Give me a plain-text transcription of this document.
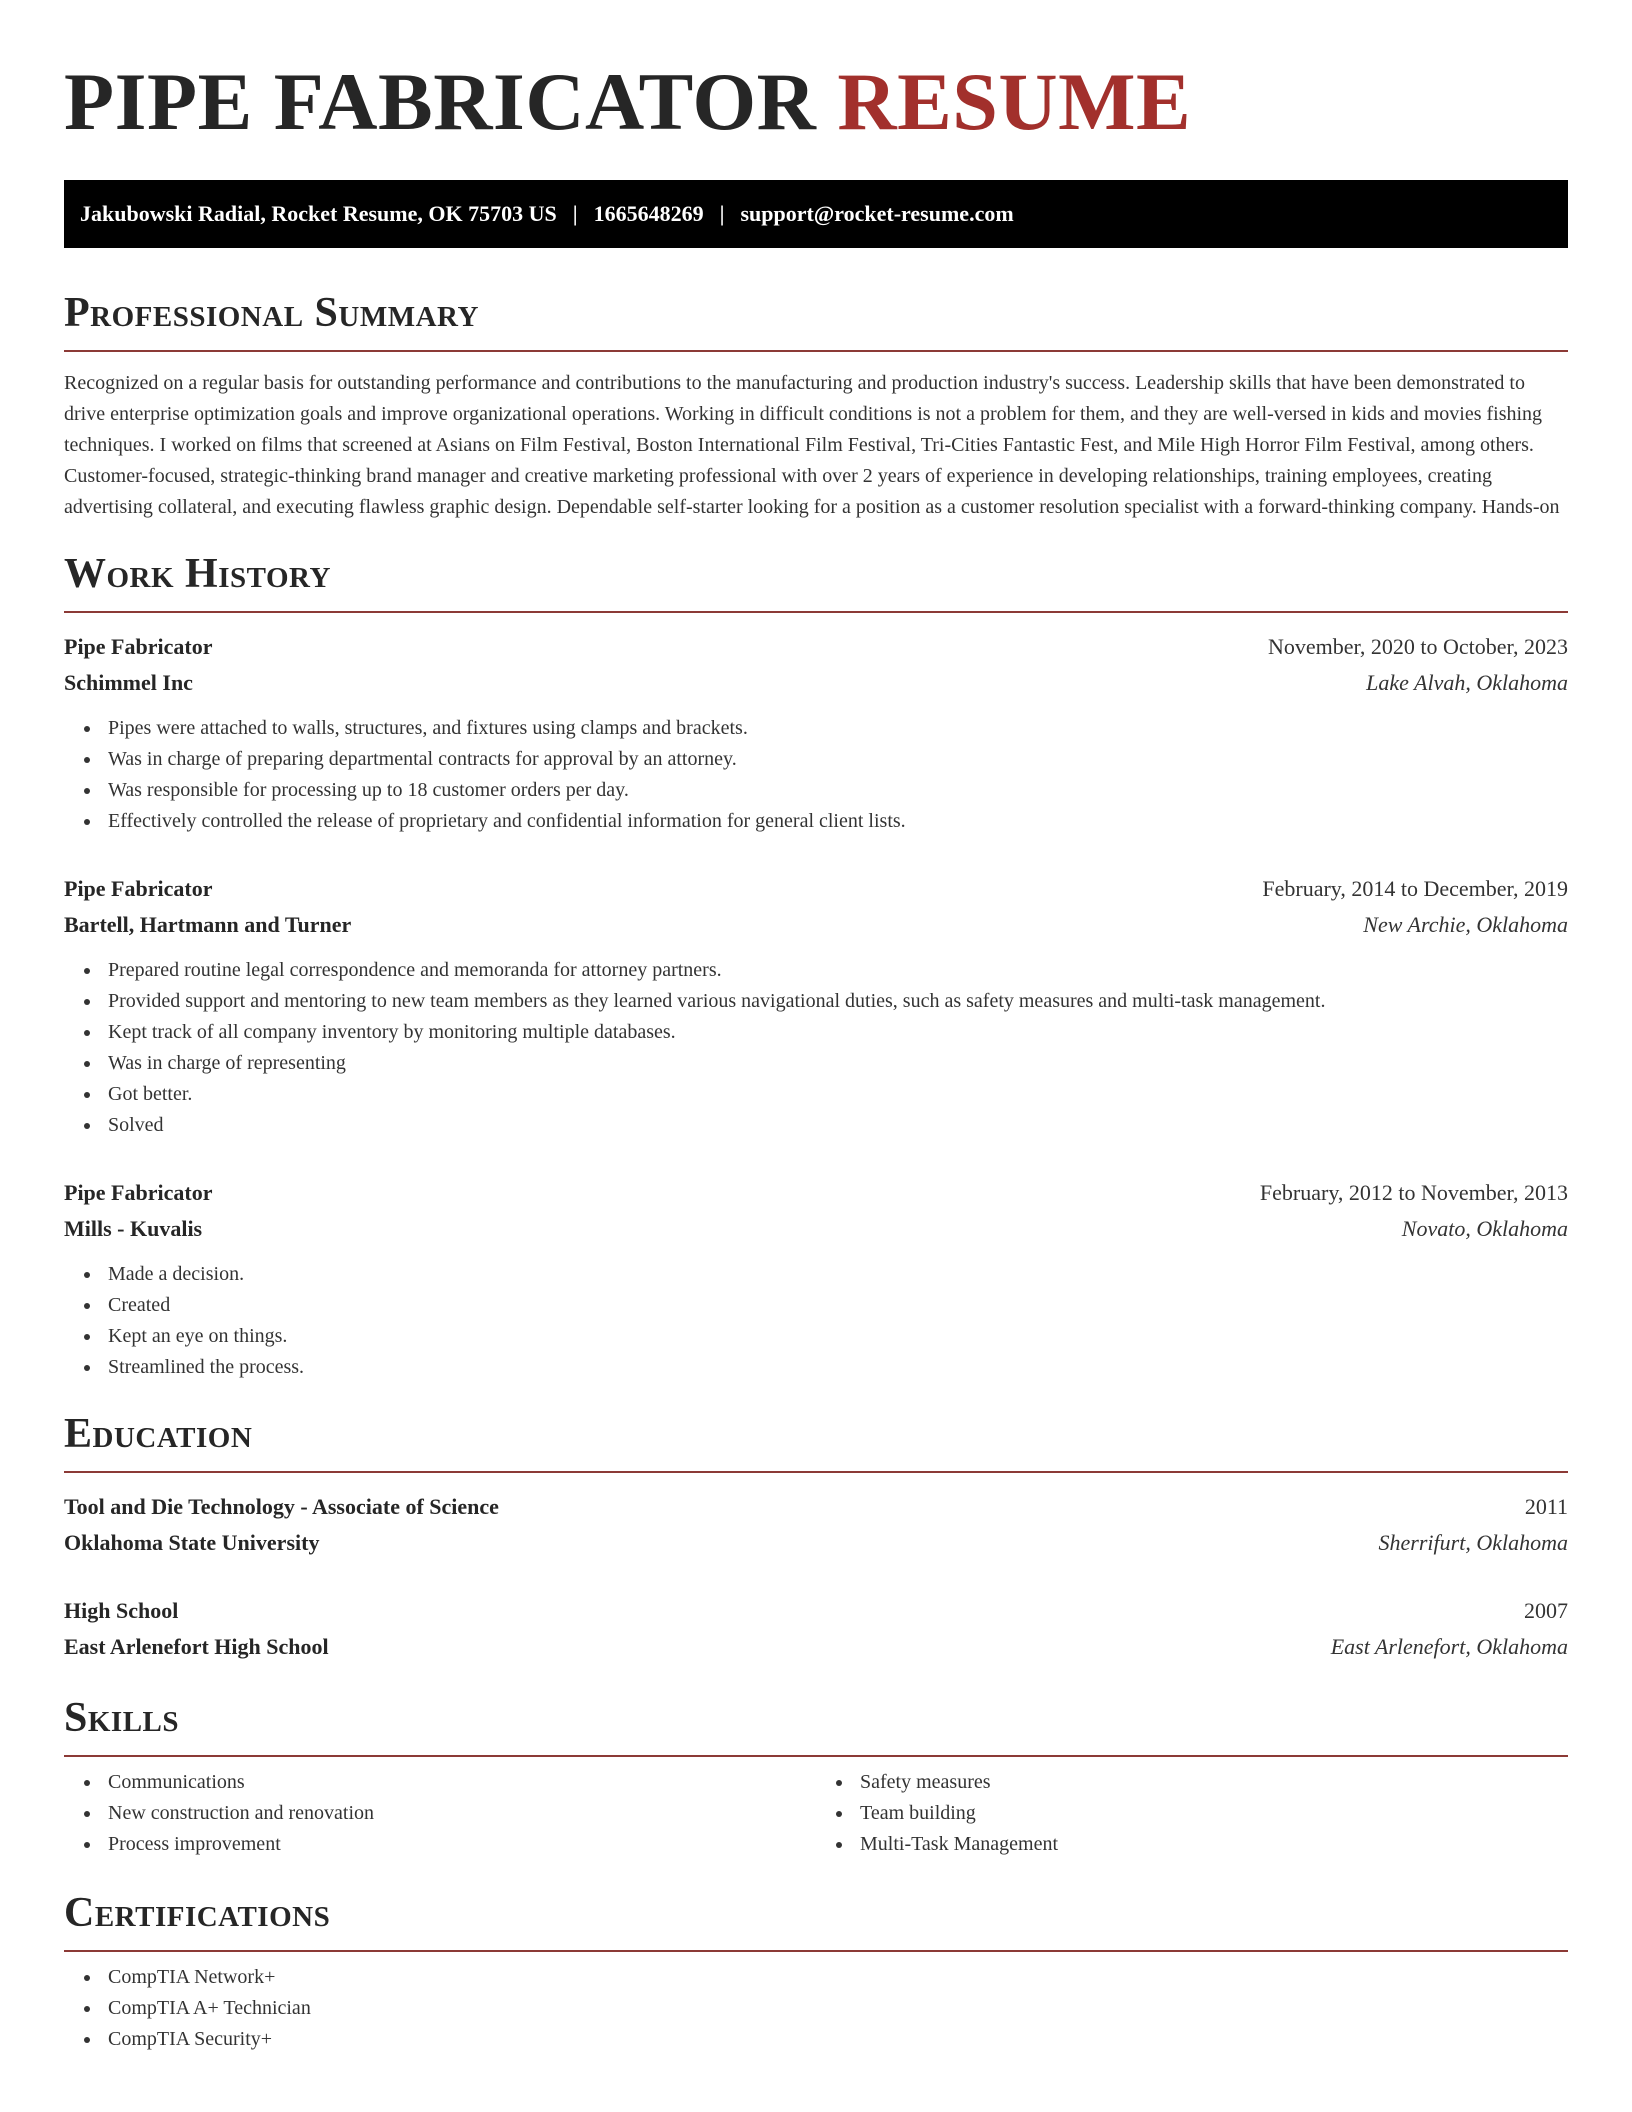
PIPE FABRICATOR RESUME
Jakubowski Radial, Rocket Resume, OK 75703 US | 1665648269 | support@rocket-resume.com
Professional Summary

Recognized on a regular basis for outstanding performance and contributions to the manufacturing and production industry's success. Leadership skills that have been demonstrated to drive enterprise optimization goals and improve organizational operations. Working in difficult conditions is not a problem for them, and they are well-versed in kids and movies fishing techniques. I worked on films that screened at Asians on Film Festival, Boston International Film Festival, Tri-Cities Fantastic Fest, and Mile High Horror Film Festival, among others. Customer-focused, strategic-thinking brand manager and creative marketing professional with over 2 years of experience in developing relationships, training employees, creating advertising collateral, and executing flawless graphic design. Dependable self-starter looking for a position as a customer resolution specialist with a forward-thinking company. Hands-on

Work History
Pipe Fabricator	November, 2020 to October, 2023
Schimmel Inc	Lake Alvah, Oklahoma
Pipes were attached to walls, structures, and fixtures using clamps and brackets.
Was in charge of preparing departmental contracts for approval by an attorney.
Was responsible for processing up to 18 customer orders per day.
Effectively controlled the release of proprietary and confidential information for general client lists.
Pipe Fabricator	February, 2014 to December, 2019
Bartell, Hartmann and Turner	New Archie, Oklahoma
Prepared routine legal correspondence and memoranda for attorney partners.
Provided support and mentoring to new team members as they learned various navigational duties, such as safety measures and multi-task management.
Kept track of all company inventory by monitoring multiple databases.
Was in charge of representing
Got better.
Solved
Pipe Fabricator	February, 2012 to November, 2013
Mills - Kuvalis	Novato, Oklahoma
Made a decision.
Created
Kept an eye on things.
Streamlined the process.
Education
Tool and Die Technology - Associate of Science	2011
Oklahoma State University	Sherrifurt, Oklahoma
High School	2007
East Arlenefort High School	East Arlenefort, Oklahoma
Skills
Communications
New construction and renovation
Process improvement
Safety measures
Team building
Multi-Task Management
Certifications
CompTIA Network+
CompTIA A+ Technician
CompTIA Security+
